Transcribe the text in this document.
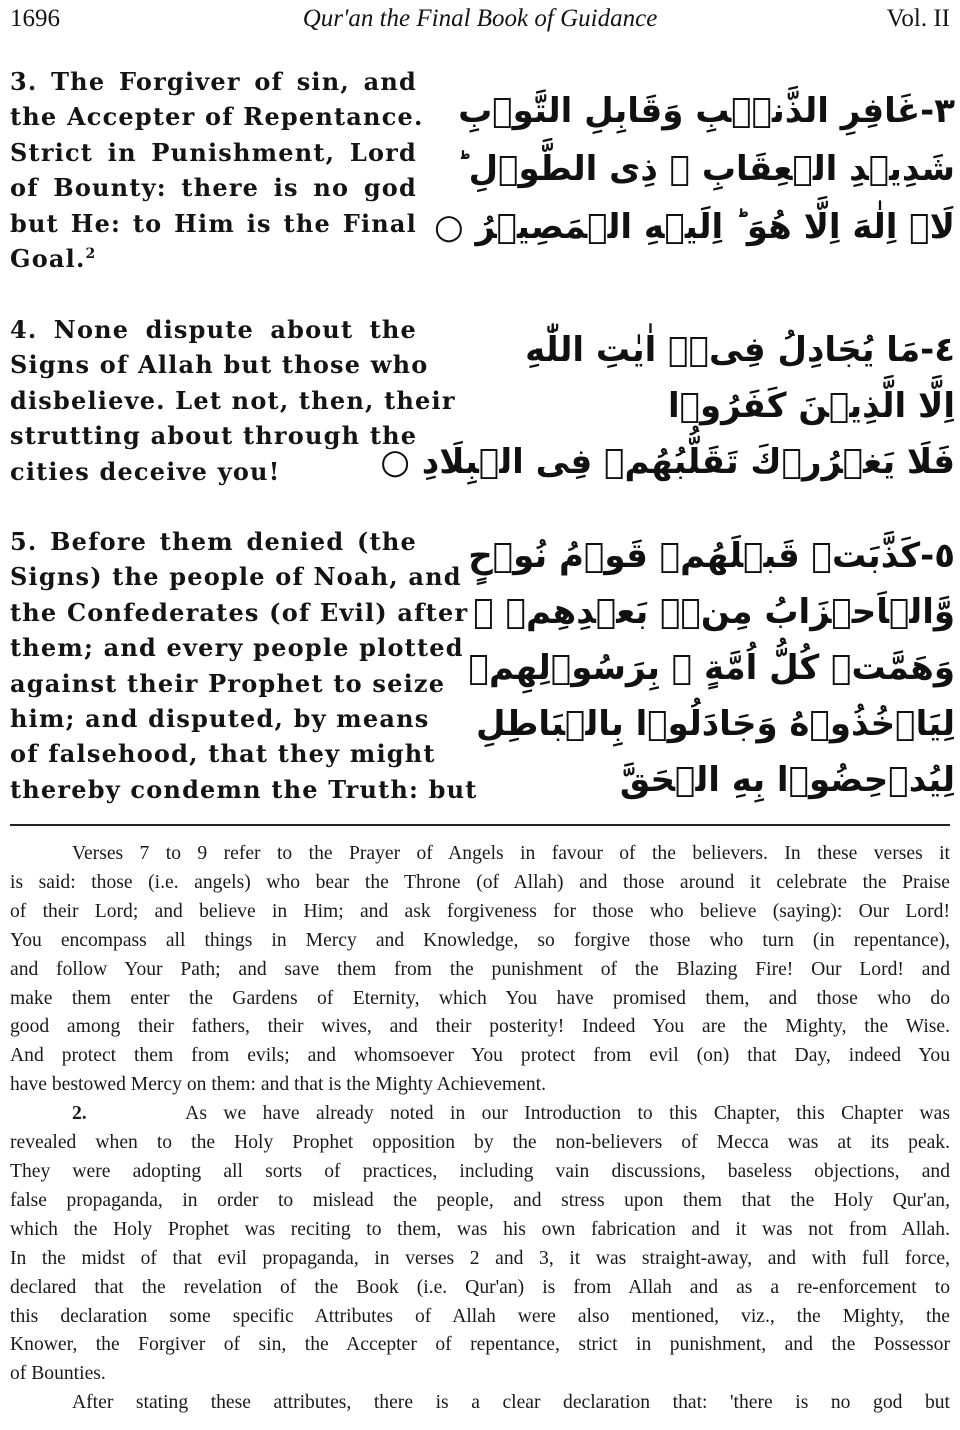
1696	Qur'an the Final Book of Guidance	Vol. II
3. The Forgiver of sin, and
the Accepter of Repentance.
Strict in Punishment, Lord
of Bounty: there is no god
but He: to Him is the Final
Goal.$^2$
٣-غَافِرِ الذَّنۡۢبِ وَقَابِلِ التَّوۡبِ
شَدِيۡدِ الۡعِقَابِ ۙ ذِى الطَّوۡلِ ؕ
لَاۤ اِلٰهَ اِلَّا هُوَ ؕ اِلَيۡهِ الۡمَصِيۡرُ ○
4. None dispute about the
Signs of Allah but those who
disbelieve. Let not, then, their
strutting about through the
cities deceive you!
٤-مَا يُجَادِلُ فِىۡۤ اٰيٰتِ اللّٰهِ
اِلَّا الَّذِيۡنَ كَفَرُوۡا
فَلَا يَغۡرُرۡكَ تَقَلُّبُهُمۡ فِى الۡبِلَادِ ○
5. Before them denied (the
Signs) the people of Noah, and
the Confederates (of Evil) after
them; and every people plotted
against their Prophet to seize
him; and disputed, by means
of falsehood, that they might
thereby condemn the Truth: but
٥-كَذَّبَتۡ قَبۡلَهُمۡ قَوۡمُ نُوۡحٍ
وَّالۡاَحۡزَابُ مِنۡۢ بَعۡدِهِمۡ ۖ
وَهَمَّتۡ كُلُّ اُمَّةٍ ۢ بِرَسُوۡلِهِمۡ
لِيَاۡخُذُوۡهُ وَجَادَلُوۡا بِالۡبَاطِلِ
لِيُدۡحِضُوۡا بِهِ الۡحَقَّ
Verses 7 to 9 refer to the Prayer of Angels in favour of the believers. In these verses it
is said: those (i.e. angels) who bear the Throne (of Allah) and those around it celebrate the Praise
of their Lord; and believe in Him; and ask forgiveness for those who believe (saying): Our Lord!
You encompass all things in Mercy and Knowledge, so forgive those who turn (in repentance),
and follow Your Path; and save them from the punishment of the Blazing Fire! Our Lord! and
make them enter the Gardens of Eternity, which You have promised them, and those who do
good among their fathers, their wives, and their posterity! Indeed You are the Mighty, the Wise.
And protect them from evils; and whomsoever You protect from evil (on) that Day, indeed You
have bestowed Mercy on them: and that is the Mighty Achievement.
2.	As we have already noted in our Introduction to this Chapter, this Chapter was
revealed when to the Holy Prophet opposition by the non-believers of Mecca was at its peak.
They were adopting all sorts of practices, including vain discussions, baseless objections, and
false propaganda, in order to mislead the people, and stress upon them that the Holy Qur'an,
which the Holy Prophet was reciting to them, was his own fabrication and it was not from Allah.
In the midst of that evil propaganda, in verses 2 and 3, it was straight-away, and with full force,
declared that the revelation of the Book (i.e. Qur'an) is from Allah and as a re-enforcement to
this declaration some specific Attributes of Allah were also mentioned, viz., the Mighty, the
Knower, the Forgiver of sin, the Accepter of repentance, strict in punishment, and the Possessor
of Bounties.
After stating these attributes, there is a clear declaration that: 'there is no god but
